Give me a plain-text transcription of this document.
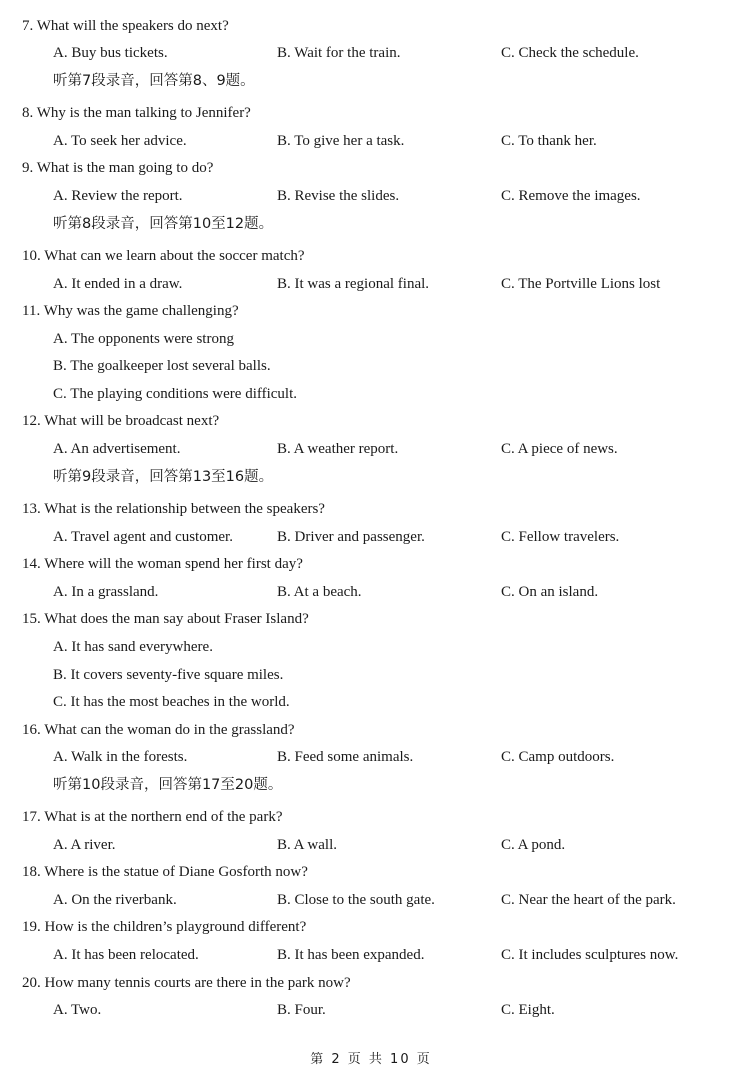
7. What will the speakers do next?
A. Buy bus tickets.	B. Wait for the train.	C. Check the schedule.
听第7段录音，回答第8、9题。
8. Why is the man talking to Jennifer?
A. To seek her advice.	B. To give her a task.	C. To thank her.
9. What is the man going to do?
A. Review the report.	B. Revise the slides.	C. Remove the images.
听第8段录音，回答第10至12题。
10. What can we learn about the soccer match?
A. It ended in a draw.	B. It was a regional final.	C. The Portville Lions lost
11. Why was the game challenging?
A. The opponents were strong
B. The goalkeeper lost several balls.
C. The playing conditions were difficult.
12. What will be broadcast next?
A. An advertisement.	B. A weather report.	C. A piece of news.
听第9段录音，回答第13至16题。
13. What is the relationship between the speakers?
A. Travel agent and customer.	B. Driver and passenger.	C. Fellow travelers.
14. Where will the woman spend her first day?
A. In a grassland.	B. At a beach.	C. On an island.
15. What does the man say about Fraser Island?
A. It has sand everywhere.
B. It covers seventy-five square miles.
C. It has the most beaches in the world.
16. What can the woman do in the grassland?
A. Walk in the forests.	B. Feed some animals.	C. Camp outdoors.
听第10段录音，回答第17至20题。
17. What is at the northern end of the park?
A. A river.	B. A wall.	C. A pond.
18. Where is the statue of Diane Gosforth now?
A. On the riverbank.	B. Close to the south gate.	C. Near the heart of the park.
19. How is the children’s playground different?
A. It has been relocated.	B. It has been expanded.	C. It includes sculptures now.
20. How many tennis courts are there in the park now?
A. Two.	B. Four.	C. Eight.
第 2 页 共 10 页
